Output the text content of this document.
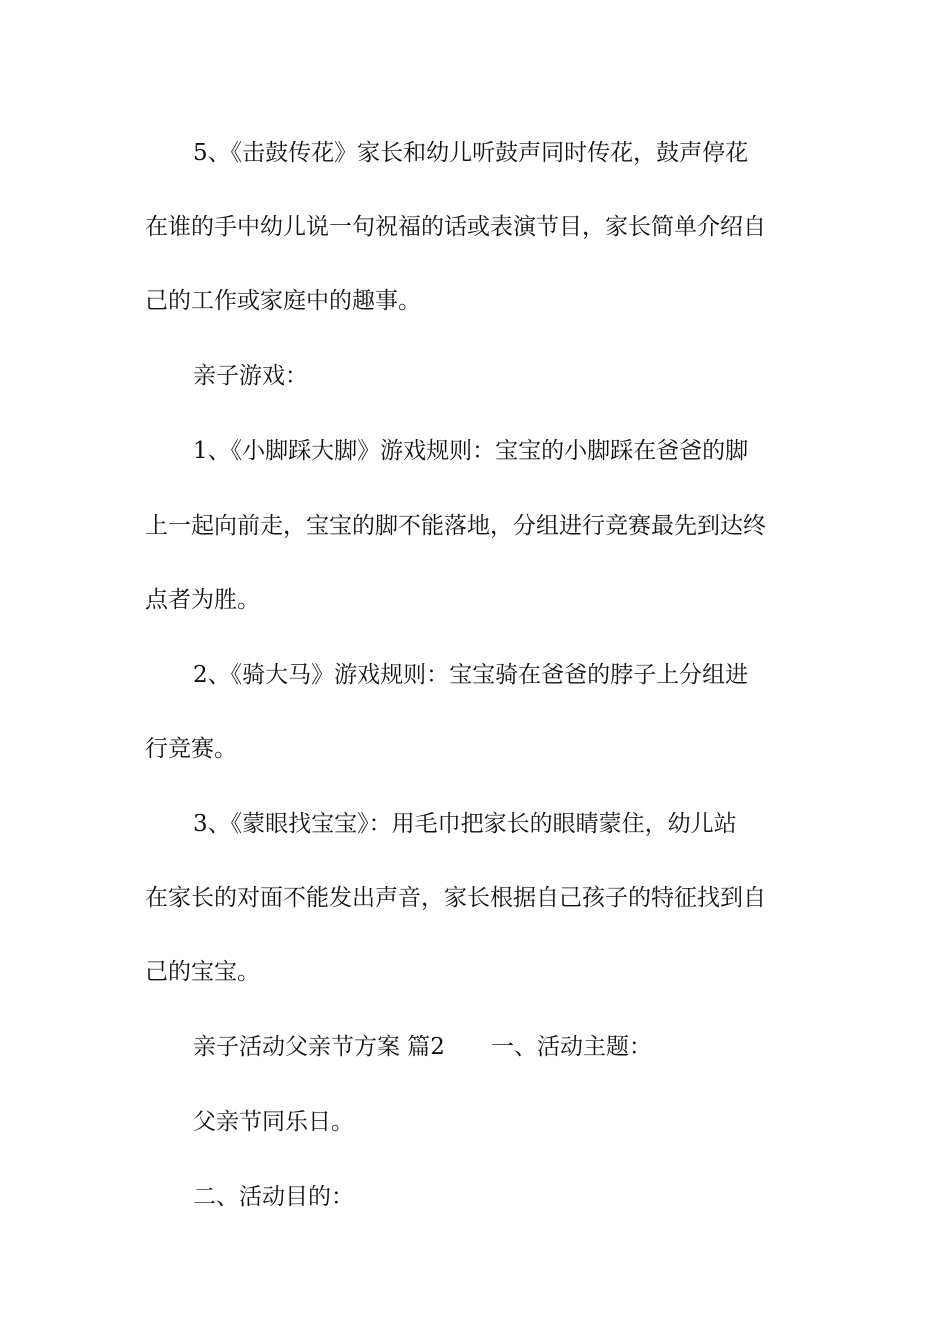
5、《击鼓传花》家长和幼儿听鼓声同时传花，鼓声停花

在谁的手中幼儿说一句祝福的话或表演节目，家长简单介绍自

己的工作或家庭中的趣事。

亲子游戏：

1、《小脚踩大脚》游戏规则：宝宝的小脚踩在爸爸的脚

上一起向前走，宝宝的脚不能落地，分组进行竞赛最先到达终

点者为胜。

2、《骑大马》游戏规则：宝宝骑在爸爸的脖子上分组进

行竞赛。

3、《蒙眼找宝宝》：用毛巾把家长的眼睛蒙住，幼儿站

在家长的对面不能发出声音，家长根据自己孩子的特征找到自

己的宝宝。

亲子活动父亲节方案 篇2　　一、活动主题：

父亲节同乐日。

二、活动目的：
